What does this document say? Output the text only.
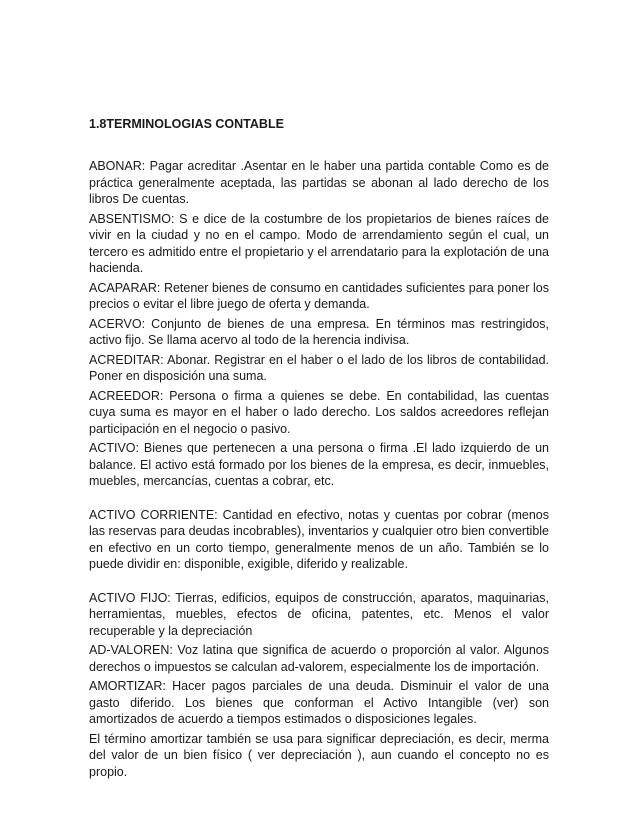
1.8TERMINOLOGIAS CONTABLE

ABONAR: Pagar acreditar .Asentar en le haber una partida contable Como es de práctica generalmente aceptada, las partidas se abonan al lado derecho de los libros De cuentas.

ABSENTISMO: S e dice de la costumbre de los propietarios de bienes raíces de vivir en la ciudad y no en el campo. Modo de arrendamiento según el cual, un tercero es admitido entre el propietario y el arrendatario para la explotación de una hacienda.

ACAPARAR: Retener bienes de consumo en cantidades suficientes para poner los precios o evitar el libre juego de oferta y demanda.

ACERVO: Conjunto de bienes de una empresa. En términos mas restringidos, activo fijo. Se llama acervo al todo de la herencia indivisa.

ACREDITAR: Abonar. Registrar en el haber o el lado de los libros de contabilidad. Poner en disposición una suma.

ACREEDOR: Persona o firma a quienes se debe. En contabilidad, las cuentas cuya suma es mayor en el haber o lado derecho. Los saldos acreedores reflejan participación en el negocio o pasivo.

ACTIVO: Bienes que pertenecen a una persona o firma .El lado izquierdo de un balance. El activo está formado por los bienes de la empresa, es decir, inmuebles, muebles, mercancías, cuentas a cobrar, etc.

ACTIVO CORRIENTE: Cantidad en efectivo, notas y cuentas por cobrar (menos las reservas para deudas incobrables), inventarios y cualquier otro bien convertible en efectivo en un corto tiempo, generalmente menos de un año. También se lo puede dividir en: disponible, exigible, diferido y realizable.

ACTIVO FIJO: Tierras, edificios, equipos de construcción, aparatos, maquinarias, herramientas, muebles, efectos de oficina, patentes, etc. Menos el valor recuperable y la depreciación

AD-VALOREN: Voz latina que significa de acuerdo o proporción al valor. Algunos derechos o impuestos se calculan ad-valorem, especialmente los de importación.

AMORTIZAR: Hacer pagos parciales de una deuda. Disminuir el valor de una gasto diferido. Los bienes que conforman el Activo Intangible (ver) son amortizados de acuerdo a tiempos estimados o disposiciones legales.

El término amortizar también se usa para significar depreciación, es decir, merma del valor de un bien físico ( ver depreciación ), aun cuando el concepto no es propio.
